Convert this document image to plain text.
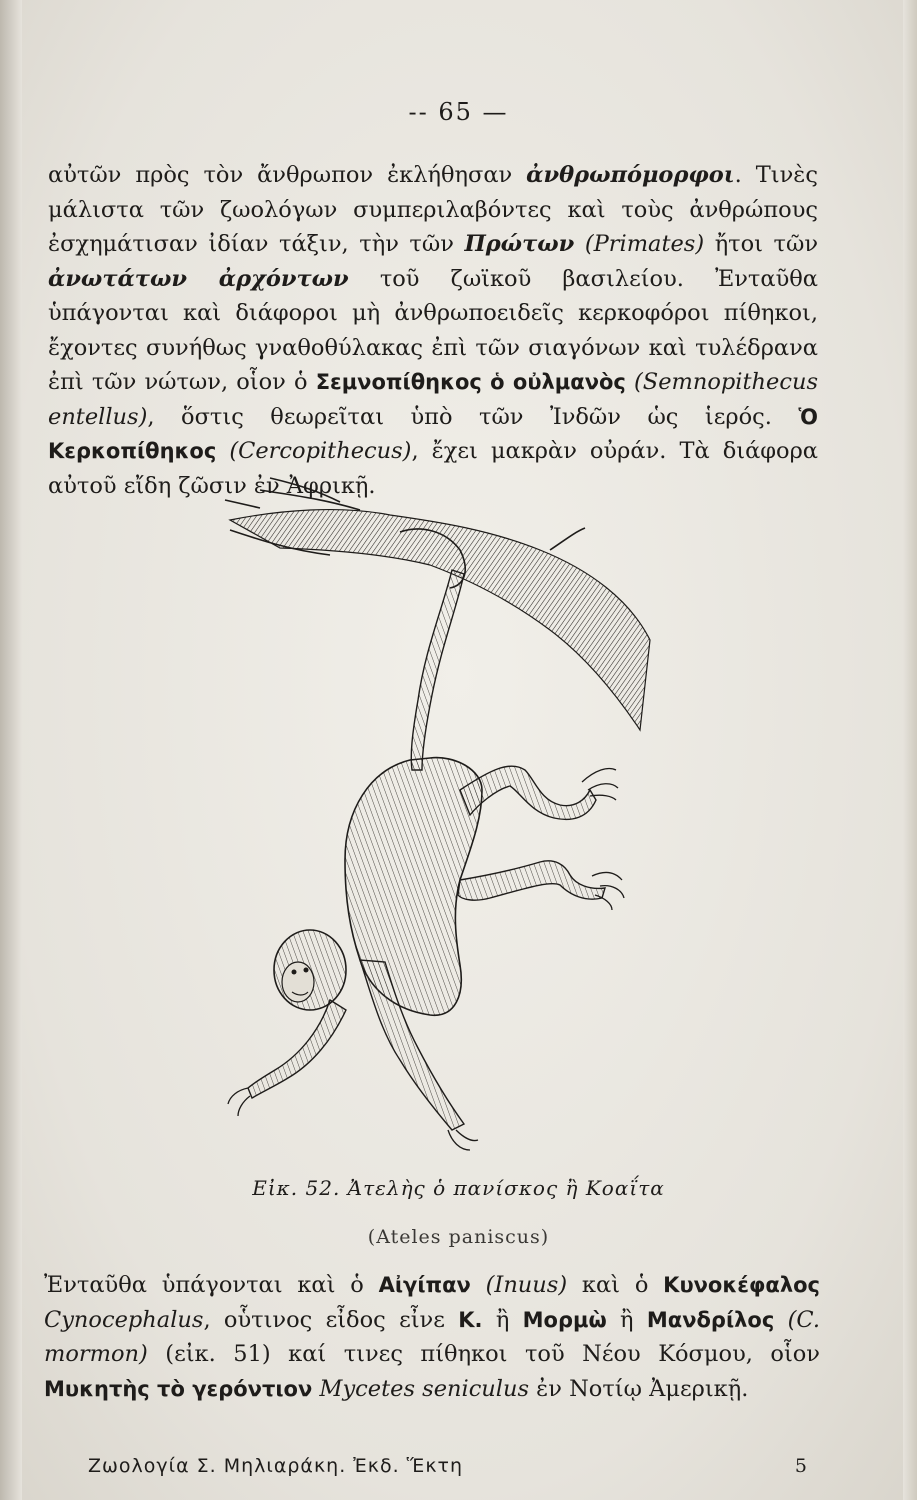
-- 65 —

αὐτῶν πρὸς τὸν ἄνθρωπον ἐκλήθησαν ἀνθρωπόμορφοι. Τινὲς μάλιστα τῶν ζωολόγων συμπεριλαβόντες καὶ τοὺς ἀνθρώπους ἐσχημάτισαν ἰδίαν τάξιν, τὴν τῶν Πρώτων (Primates) ἤτοι τῶν ἀνωτάτων ἀρχόντων τοῦ ζωϊκοῦ βασιλείου. Ἐνταῦθα ὑπάγονται καὶ διάφοροι μὴ ἀνθρωποειδεῖς κερκοφόροι πίθηκοι, ἔχοντες συνήθως γναθοθύλακας ἐπὶ τῶν σιαγόνων καὶ τυλέδρανα ἐπὶ τῶν νώτων, οἷον ὁ Σεμνοπίθηκος ὁ οὐλμανὸς (Semnopithecus entellus), ὅστις θεωρεῖται ὑπὸ τῶν Ἰνδῶν ὡς ἱερός. Ὁ Κερκοπίθηκος (Cercopithecus), ἔχει μακρὰν οὐράν. Τὰ διάφορα αὐτοῦ εἴδη ζῶσιν ἐν Ἀφρικῇ.

Εἰκ. 52. Ἀτελὴς ὁ πανίσκος ἢ Κοαΐτα
(Ateles paniscus)

Ἐνταῦθα ὑπάγονται καὶ ὁ Αἰγίπαν (Inuus) καὶ ὁ Κυνοκέφαλος Cynocephalus, οὗτινος εἶδος εἶνε Κ. ἢ Μορμὼ ἢ Μανδρίλος (C. mormon) (εἰκ. 51) καί τινες πίθηκοι τοῦ Νέου Κόσμου, οἷον Μυκητὴς τὸ γερόντιον Mycetes seniculus ἐν Νοτίῳ Ἀμερικῇ.

Ζωολογία Σ. Μηλιαράκη. Ἐκδ. Ἕκτη	5
